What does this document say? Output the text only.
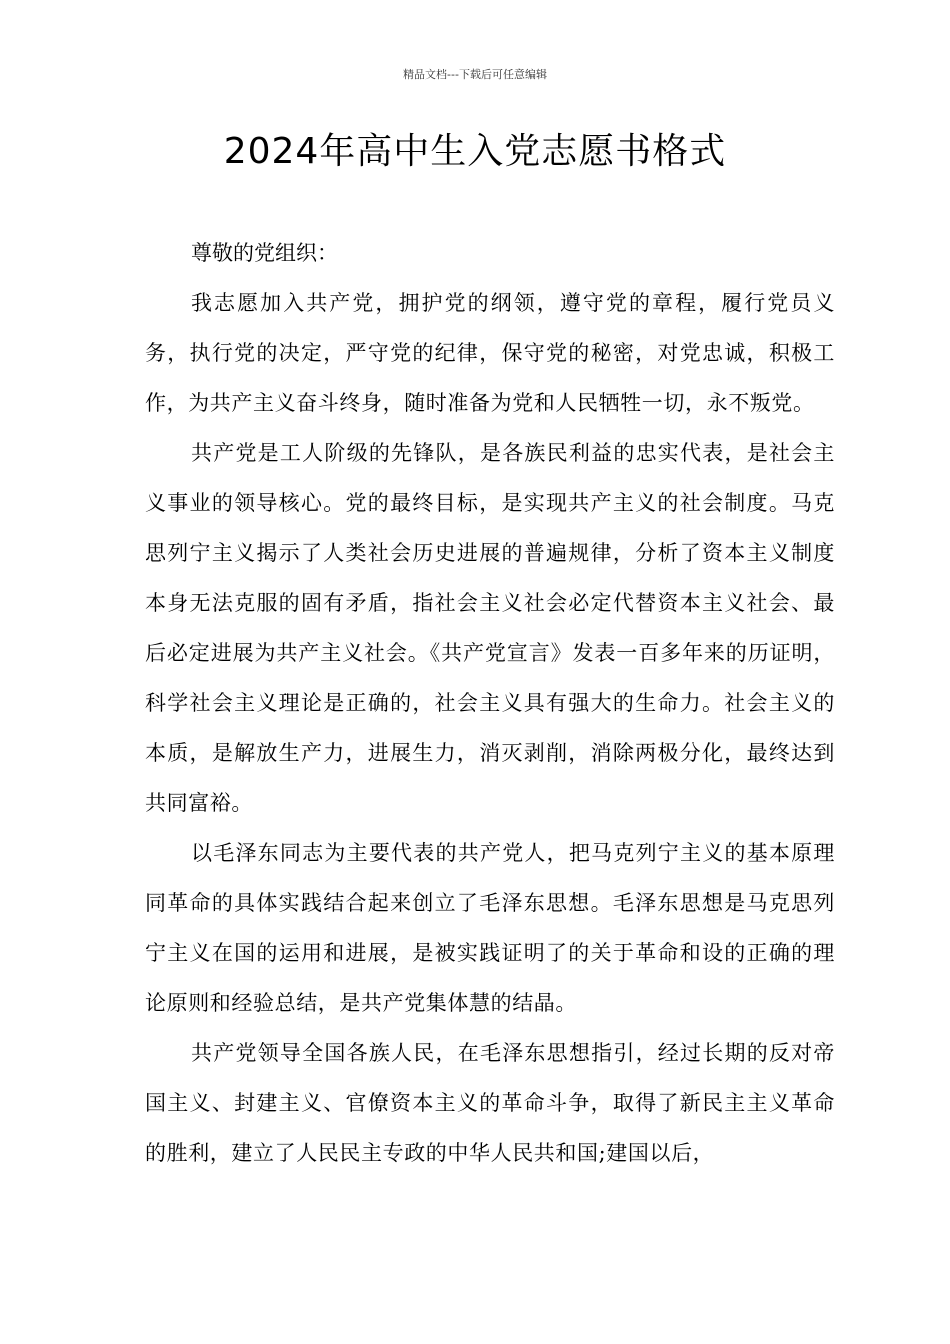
精品文档---下载后可任意编辑
2024年高中生入党志愿书格式

尊敬的党组织：

我志愿加入共产党，拥护党的纲领，遵守党的章程，履行党员义务，执行党的决定，严守党的纪律，保守党的秘密，对党忠诚，积极工作，为共产主义奋斗终身，随时准备为党和人民牺牲一切，永不叛党。

共产党是工人阶级的先锋队，是各族民利益的忠实代表，是社会主义事业的领导核心。党的最终目标，是实现共产主义的社会制度。马克思列宁主义揭示了人类社会历史进展的普遍规律，分析了资本主义制度本身无法克服的固有矛盾，指社会主义社会必定代替资本主义社会、最后必定进展为共产主义社会。《共产党宣言》发表一百多年来的历证明，科学社会主义理论是正确的，社会主义具有强大的生命力。社会主义的本质，是解放生产力，进展生力，消灭剥削，消除两极分化，最终达到共同富裕。

以毛泽东同志为主要代表的共产党人，把马克列宁主义的基本原理同革命的具体实践结合起来创立了毛泽东思想。毛泽东思想是马克思列宁主义在国的运用和进展，是被实践证明了的关于革命和设的正确的理论原则和经验总结，是共产党集体慧的结晶。

共产党领导全国各族人民，在毛泽东思想指引，经过长期的反对帝国主义、封建主义、官僚资本主义的革命斗争，取得了新民主主义革命的胜利，建立了人民民主专政的中华人民共和国;建国以后，
